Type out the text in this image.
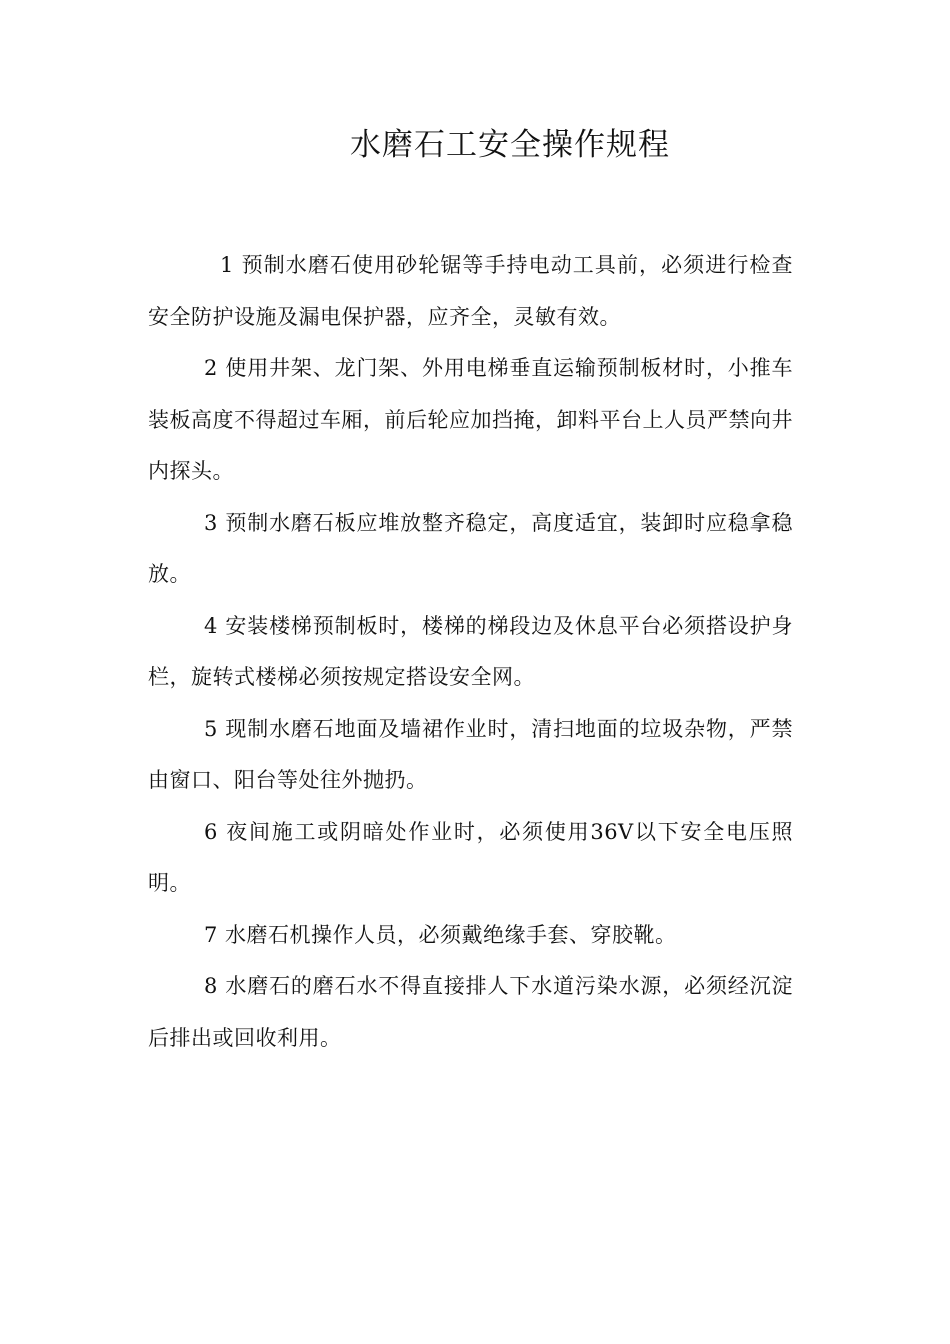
水磨石工安全操作规程

1 预制水磨石使用砂轮锯等手持电动工具前，必须进行检查安全防护设施及漏电保护器，应齐全，灵敏有效。

2 使用井架、龙门架、外用电梯垂直运输预制板材时，小推车装板高度不得超过车厢，前后轮应加挡掩，卸料平台上人员严禁向井内探头。

3 预制水磨石板应堆放整齐稳定，高度适宜，装卸时应稳拿稳放。

4 安装楼梯预制板时，楼梯的梯段边及休息平台必须搭设护身栏，旋转式楼梯必须按规定搭设安全网。

5 现制水磨石地面及墙裙作业时，清扫地面的垃圾杂物，严禁由窗口、阳台等处往外抛扔。

6 夜间施工或阴暗处作业时，必须使用36V以下安全电压照明。

7 水磨石机操作人员，必须戴绝缘手套、穿胶靴。

8 水磨石的磨石水不得直接排人下水道污染水源，必须经沉淀后排出或回收利用。
